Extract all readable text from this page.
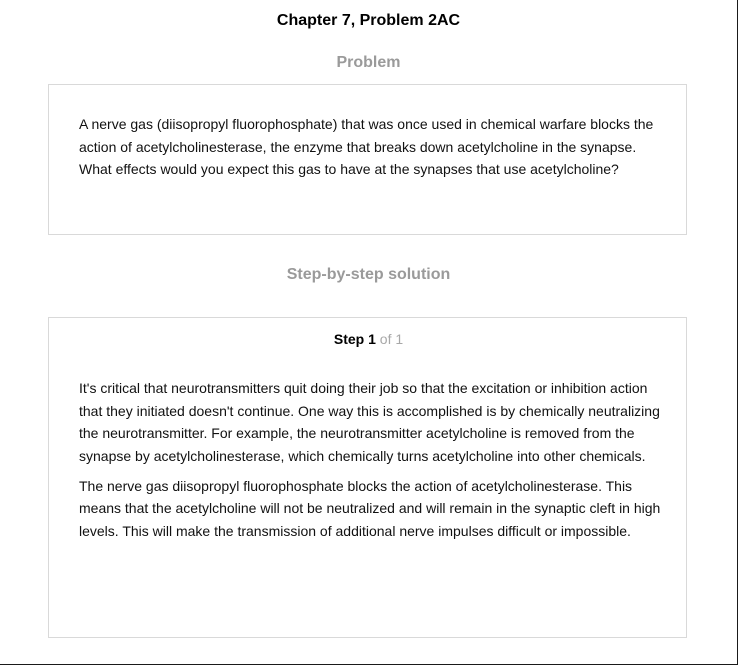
Chapter 7, Problem 2AC
Problem
A nerve gas (diisopropyl fluorophosphate) that was once used in chemical warfare blocks the action of acetylcholinesterase, the enzyme that breaks down acetylcholine in the synapse. What effects would you expect this gas to have at the synapses that use acetylcholine?
Step-by-step solution
Step 1 of 1

It's critical that neurotransmitters quit doing their job so that the excitation or inhibition action that they initiated doesn't continue. One way this is accomplished is by chemically neutralizing the neurotransmitter. For example, the neurotransmitter acetylcholine is removed from the synapse by acetylcholinesterase, which chemically turns acetylcholine into other chemicals.

The nerve gas diisopropyl fluorophosphate blocks the action of acetylcholinesterase. This means that the acetylcholine will not be neutralized and will remain in the synaptic cleft in high levels. This will make the transmission of additional nerve impulses difficult or impossible.
